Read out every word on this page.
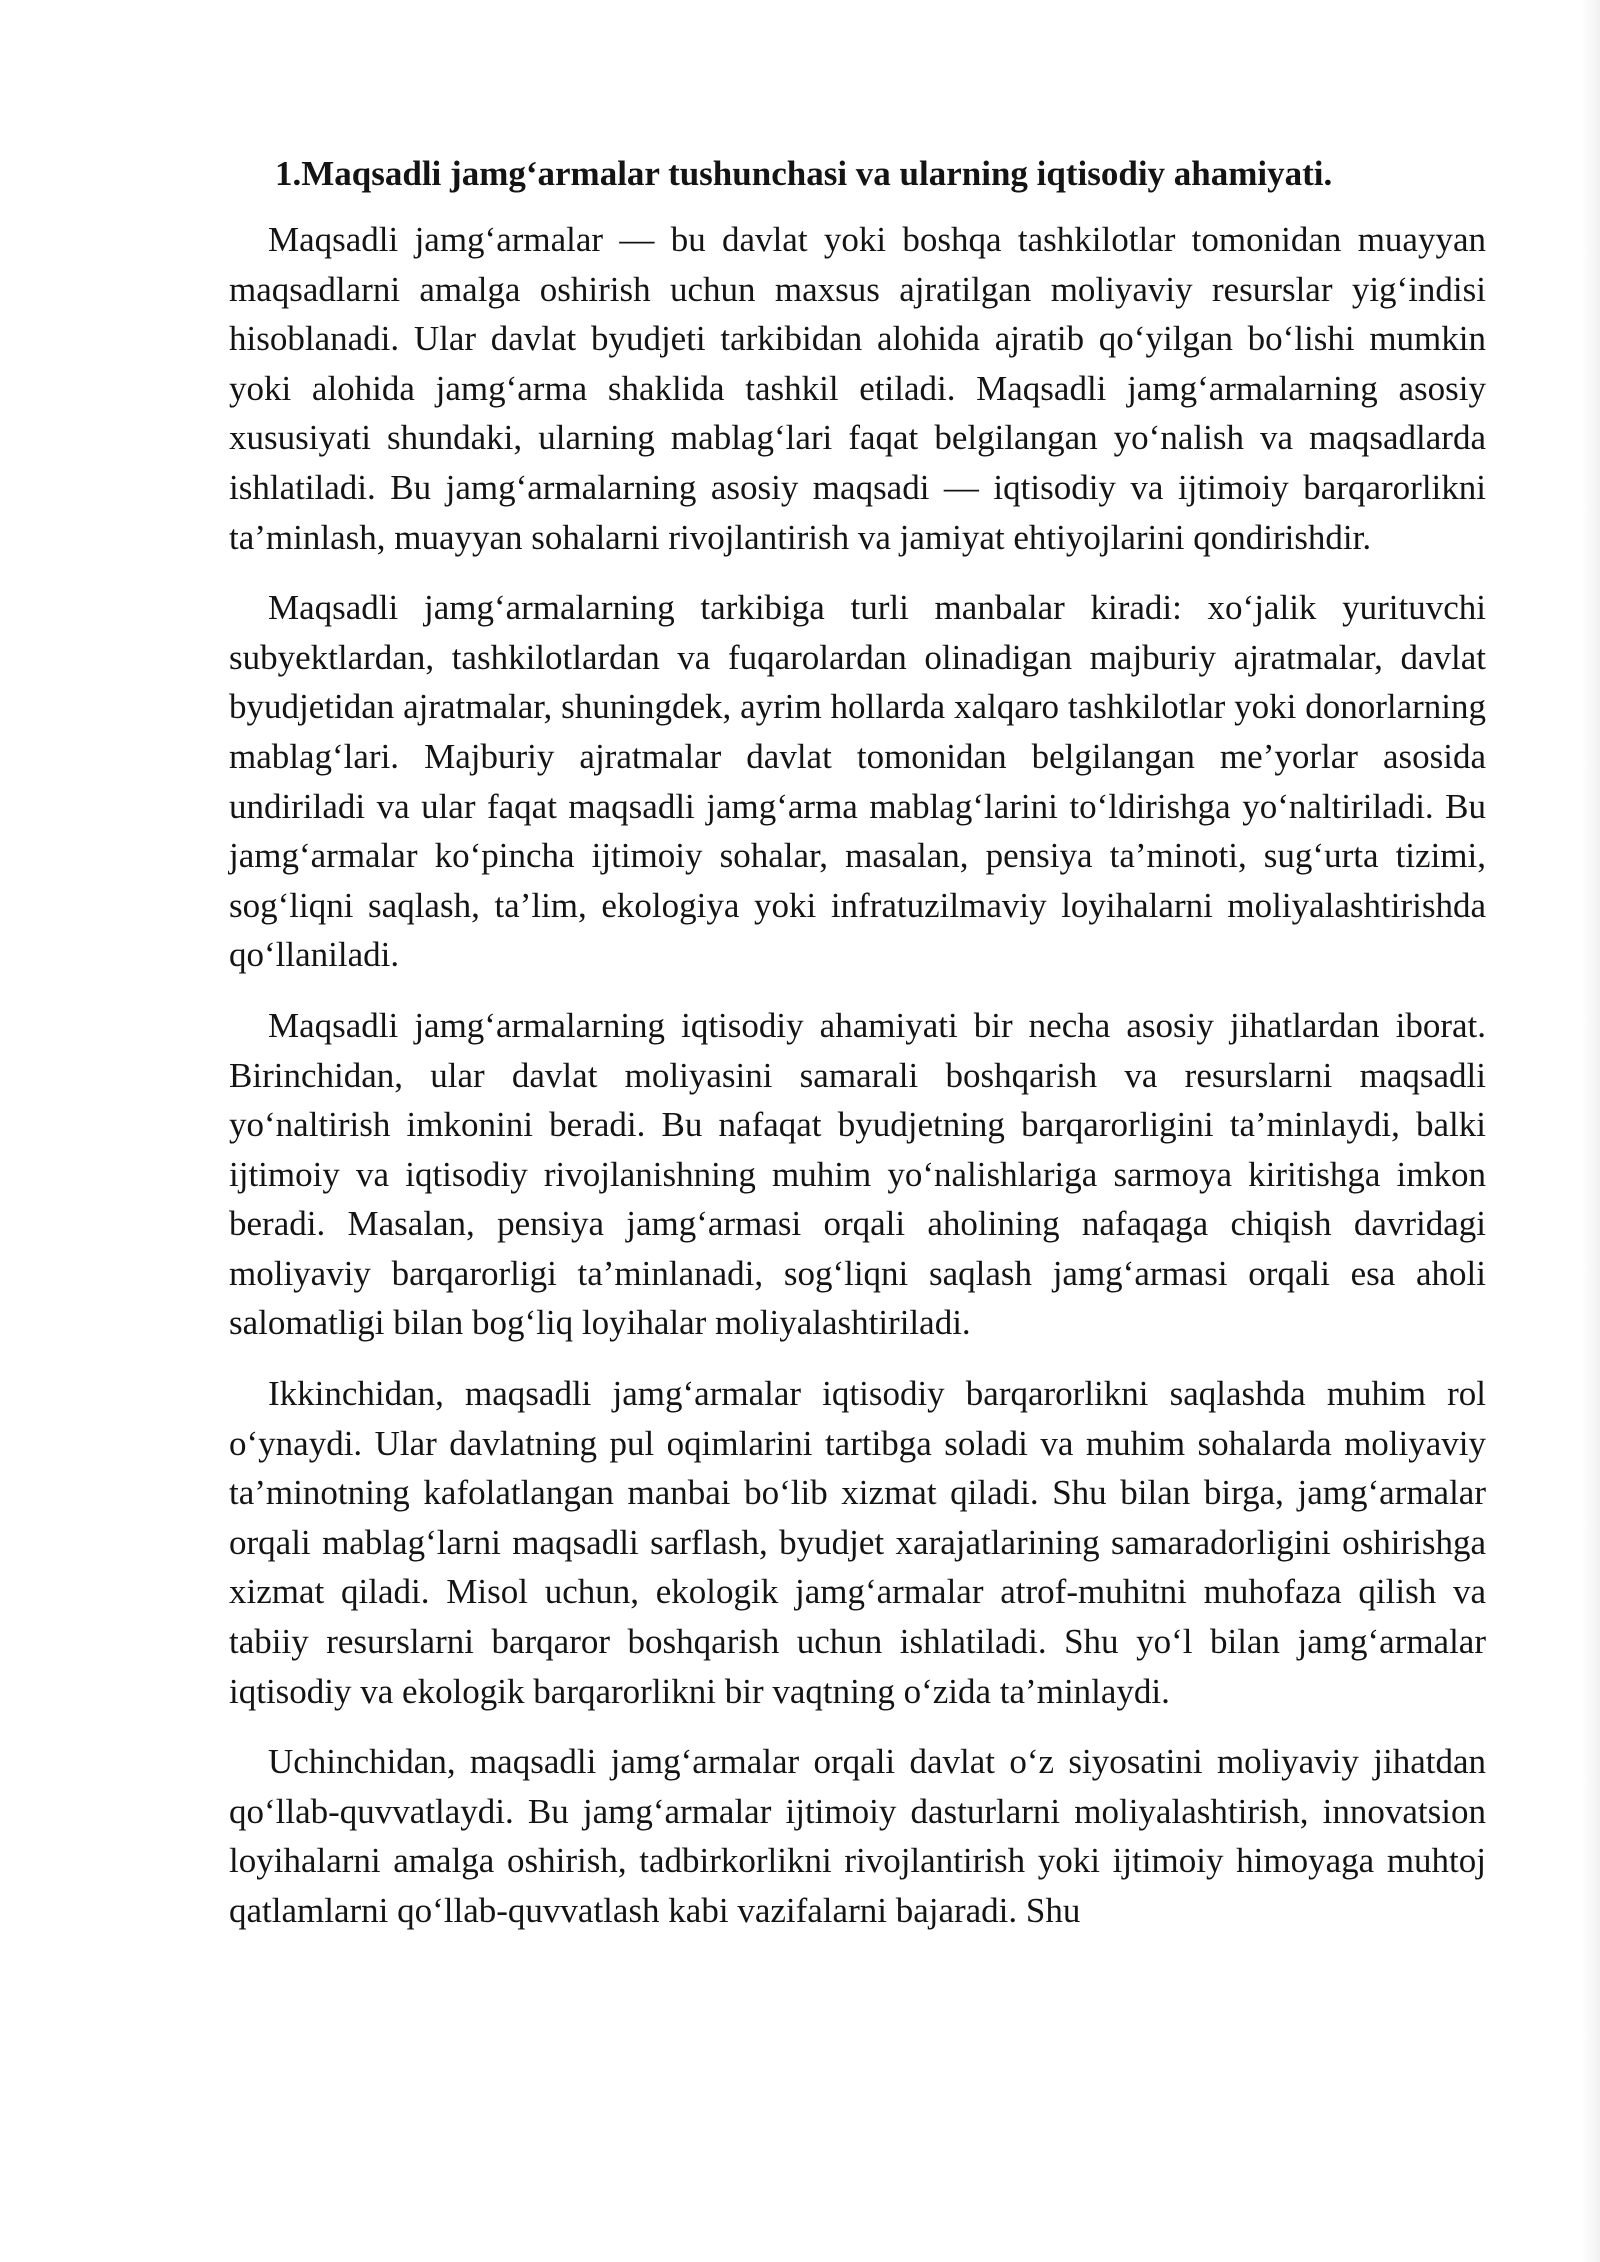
1.Maqsadli jamg‘armalar tushunchasi va ularning iqtisodiy ahamiyati.

Maqsadli jamg‘armalar — bu davlat yoki boshqa tashkilotlar tomonidan muayyan maqsadlarni amalga oshirish uchun maxsus ajratilgan moliyaviy resurslar yig‘indisi hisoblanadi. Ular davlat byudjeti tarkibidan alohida ajratib qo‘yilgan bo‘lishi mumkin yoki alohida jamg‘arma shaklida tashkil etiladi. Maqsadli jamg‘armalarning asosiy xususiyati shundaki, ularning mablag‘lari faqat belgilangan yo‘nalish va maqsadlarda ishlatiladi. Bu jamg‘armalarning asosiy maqsadi — iqtisodiy va ijtimoiy barqarorlikni ta’minlash, muayyan sohalarni rivojlantirish va jamiyat ehtiyojlarini qondirishdir.

Maqsadli jamg‘armalarning tarkibiga turli manbalar kiradi: xo‘jalik yurituvchi subyektlardan, tashkilotlardan va fuqarolardan olinadigan majburiy ajratmalar, davlat byudjetidan ajratmalar, shuningdek, ayrim hollarda xalqaro tashkilotlar yoki donorlarning mablag‘lari. Majburiy ajratmalar davlat tomonidan belgilangan me’yorlar asosida undiriladi va ular faqat maqsadli jamg‘arma mablag‘larini to‘ldirishga yo‘naltiriladi. Bu jamg‘armalar ko‘pincha ijtimoiy sohalar, masalan, pensiya ta’minoti, sug‘urta tizimi, sog‘liqni saqlash, ta’lim, ekologiya yoki infratuzilmaviy loyihalarni moliyalashtirishda qo‘llaniladi.

Maqsadli jamg‘armalarning iqtisodiy ahamiyati bir necha asosiy jihatlardan iborat. Birinchidan, ular davlat moliyasini samarali boshqarish va resurslarni maqsadli yo‘naltirish imkonini beradi. Bu nafaqat byudjetning barqarorligini ta’minlaydi, balki ijtimoiy va iqtisodiy rivojlanishning muhim yo‘nalishlariga sarmoya kiritishga imkon beradi. Masalan, pensiya jamg‘armasi orqali aholining nafaqaga chiqish davridagi moliyaviy barqarorligi ta’minlanadi, sog‘liqni saqlash jamg‘armasi orqali esa aholi salomatligi bilan bog‘liq loyihalar moliyalashtiriladi.

Ikkinchidan, maqsadli jamg‘armalar iqtisodiy barqarorlikni saqlashda muhim rol o‘ynaydi. Ular davlatning pul oqimlarini tartibga soladi va muhim sohalarda moliyaviy ta’minotning kafolatlangan manbai bo‘lib xizmat qiladi. Shu bilan birga, jamg‘armalar orqali mablag‘larni maqsadli sarflash, byudjet xarajatlarining samaradorligini oshirishga xizmat qiladi. Misol uchun, ekologik jamg‘armalar atrof-muhitni muhofaza qilish va tabiiy resurslarni barqaror boshqarish uchun ishlatiladi. Shu yo‘l bilan jamg‘armalar iqtisodiy va ekologik barqarorlikni bir vaqtning o‘zida ta’minlaydi.

Uchinchidan, maqsadli jamg‘armalar orqali davlat o‘z siyosatini moliyaviy jihatdan qo‘llab-quvvatlaydi. Bu jamg‘armalar ijtimoiy dasturlarni moliyalashtirish, innovatsion loyihalarni amalga oshirish, tadbirkorlikni rivojlantirish yoki ijtimoiy himoyaga muhtoj qatlamlarni qo‘llab-quvvatlash kabi vazifalarni bajaradi. Shu
